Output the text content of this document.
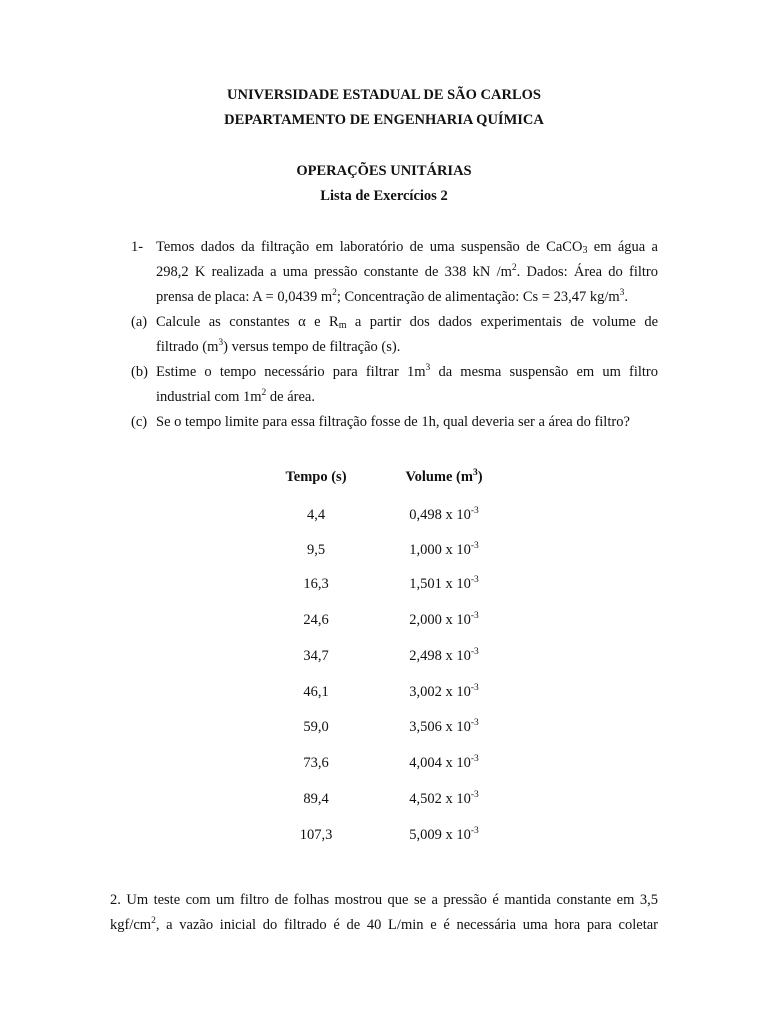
UNIVERSIDADE ESTADUAL DE SÃO CARLOS
DEPARTAMENTO DE ENGENHARIA QUÍMICA
OPERAÇÕES UNITÁRIAS
Lista de Exercícios 2
1- Temos dados da filtração em laboratório de uma suspensão de CaCO$_3$ em água a
298,2 K realizada a uma pressão constante de 338 kN $/m^2$. Dados: Área do filtro
prensa de placa: A = 0,0439 $m^2$; Concentração de alimentação: Cs = 23,47 $kg/m^3$.
(a) Calcule as constantes α e $R_m$ a partir dos dados experimentais de volume de
filtrado $(m^3)$ versus tempo de filtração (s).
(b) Estime o tempo necessário para filtrar $1m^3$ da mesma suspensão em um filtro
industrial com $1m^2$ de área.
(c) Se o tempo limite para essa filtração fosse de 1h, qual deveria ser a área do filtro?
Tempo (s)	Volume $(m^3)$
4,4	0,498 x $10^{-3}$
9,5	1,000 x $10^{-3}$
16,3	1,501 x $10^{-3}$
24,6	2,000 x $10^{-3}$
34,7	2,498 x $10^{-3}$
46,1	3,002 x $10^{-3}$
59,0	3,506 x $10^{-3}$
73,6	4,004 x $10^{-3}$
89,4	4,502 x $10^{-3}$
107,3	5,009 x $10^{-3}$
2. Um teste com um filtro de folhas mostrou que se a pressão é mantida constante em 3,5
kgf/$cm^2$, a vazão inicial do filtrado é de 40 L/min e é necessária uma hora para coletar
